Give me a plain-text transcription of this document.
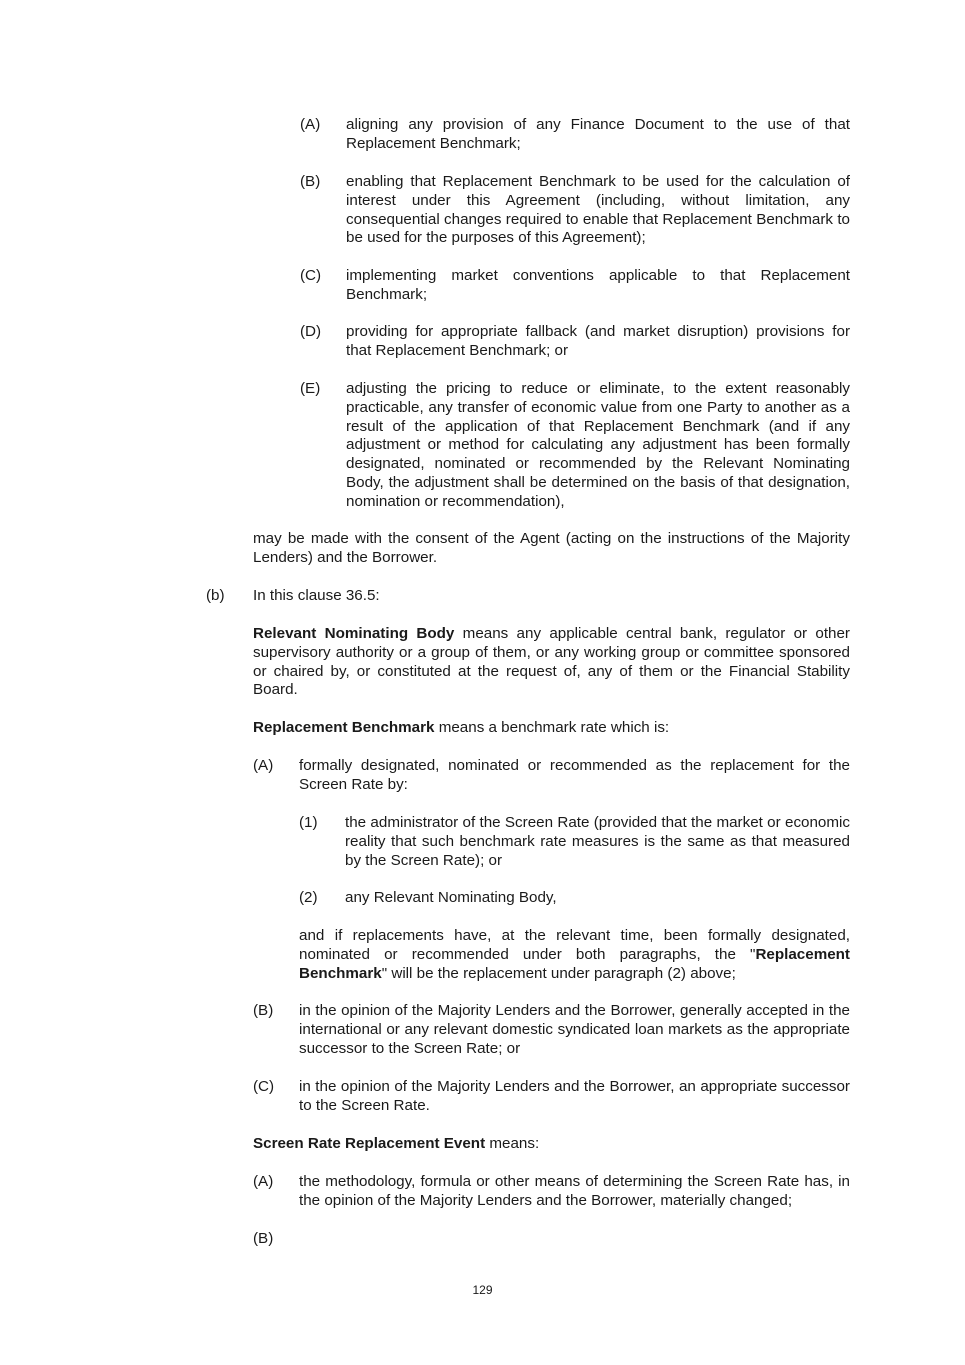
(A) aligning any provision of any Finance Document to the use of that Replacement Benchmark;
(B) enabling that Replacement Benchmark to be used for the calculation of interest under this Agreement (including, without limitation, any consequential changes required to enable that Replacement Benchmark to be used for the purposes of this Agreement);
(C) implementing market conventions applicable to that Replacement Benchmark;
(D) providing for appropriate fallback (and market disruption) provisions for that Replacement Benchmark; or
(E) adjusting the pricing to reduce or eliminate, to the extent reasonably practicable, any transfer of economic value from one Party to another as a result of the application of that Replacement Benchmark (and if any adjustment or method for calculating any adjustment has been formally designated, nominated or recommended by the Relevant Nominating Body, the adjustment shall be determined on the basis of that designation, nomination or recommendation),
may be made with the consent of the Agent (acting on the instructions of the Majority Lenders) and the Borrower.
(b) In this clause 36.5:
Relevant Nominating Body means any applicable central bank, regulator or other supervisory authority or a group of them, or any working group or committee sponsored or chaired by, or constituted at the request of, any of them or the Financial Stability Board.
Replacement Benchmark means a benchmark rate which is:
(A) formally designated, nominated or recommended as the replacement for the Screen Rate by:
(1) the administrator of the Screen Rate (provided that the market or economic reality that such benchmark rate measures is the same as that measured by the Screen Rate); or
(2) any Relevant Nominating Body,
and if replacements have, at the relevant time, been formally designated, nominated or recommended under both paragraphs, the "Replacement Benchmark" will be the replacement under paragraph (2) above;
(B) in the opinion of the Majority Lenders and the Borrower, generally accepted in the international or any relevant domestic syndicated loan markets as the appropriate successor to the Screen Rate; or
(C) in the opinion of the Majority Lenders and the Borrower, an appropriate successor to the Screen Rate.
Screen Rate Replacement Event means:
(A) the methodology, formula or other means of determining the Screen Rate has, in the opinion of the Majority Lenders and the Borrower, materially changed;
(B)
129
